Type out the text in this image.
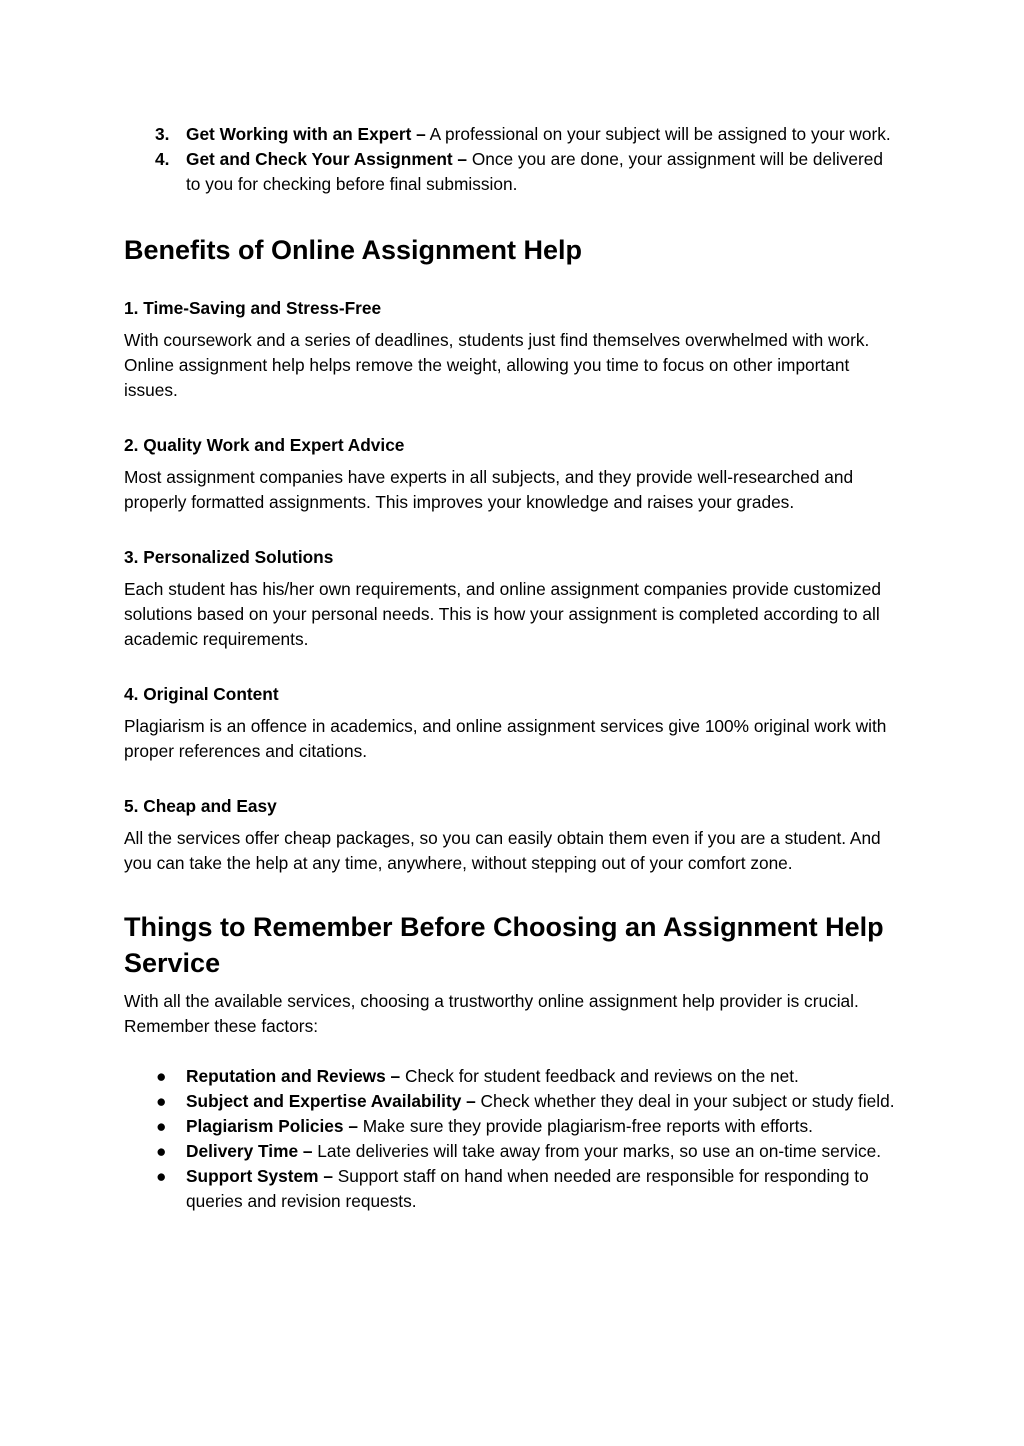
3. Get Working with an Expert – A professional on your subject will be assigned to your work.
4. Get and Check Your Assignment – Once you are done, your assignment will be delivered to you for checking before final submission.
Benefits of Online Assignment Help
1. Time-Saving and Stress-Free

With coursework and a series of deadlines, students just find themselves overwhelmed with work. Online assignment help helps remove the weight, allowing you time to focus on other important issues.

2. Quality Work and Expert Advice

Most assignment companies have experts in all subjects, and they provide well-researched and properly formatted assignments. This improves your knowledge and raises your grades.

3. Personalized Solutions

Each student has his/her own requirements, and online assignment companies provide customized solutions based on your personal needs. This is how your assignment is completed according to all academic requirements.

4. Original Content

Plagiarism is an offence in academics, and online assignment services give 100% original work with proper references and citations.

5. Cheap and Easy

All the services offer cheap packages, so you can easily obtain them even if you are a student. And you can take the help at any time, anywhere, without stepping out of your comfort zone.

Things to Remember Before Choosing an Assignment Help Service

With all the available services, choosing a trustworthy online assignment help provider is crucial. Remember these factors:

● Reputation and Reviews – Check for student feedback and reviews on the net.
● Subject and Expertise Availability – Check whether they deal in your subject or study field.
● Plagiarism Policies – Make sure they provide plagiarism-free reports with efforts.
● Delivery Time – Late deliveries will take away from your marks, so use an on-time service.
● Support System – Support staff on hand when needed are responsible for responding to queries and revision requests.
